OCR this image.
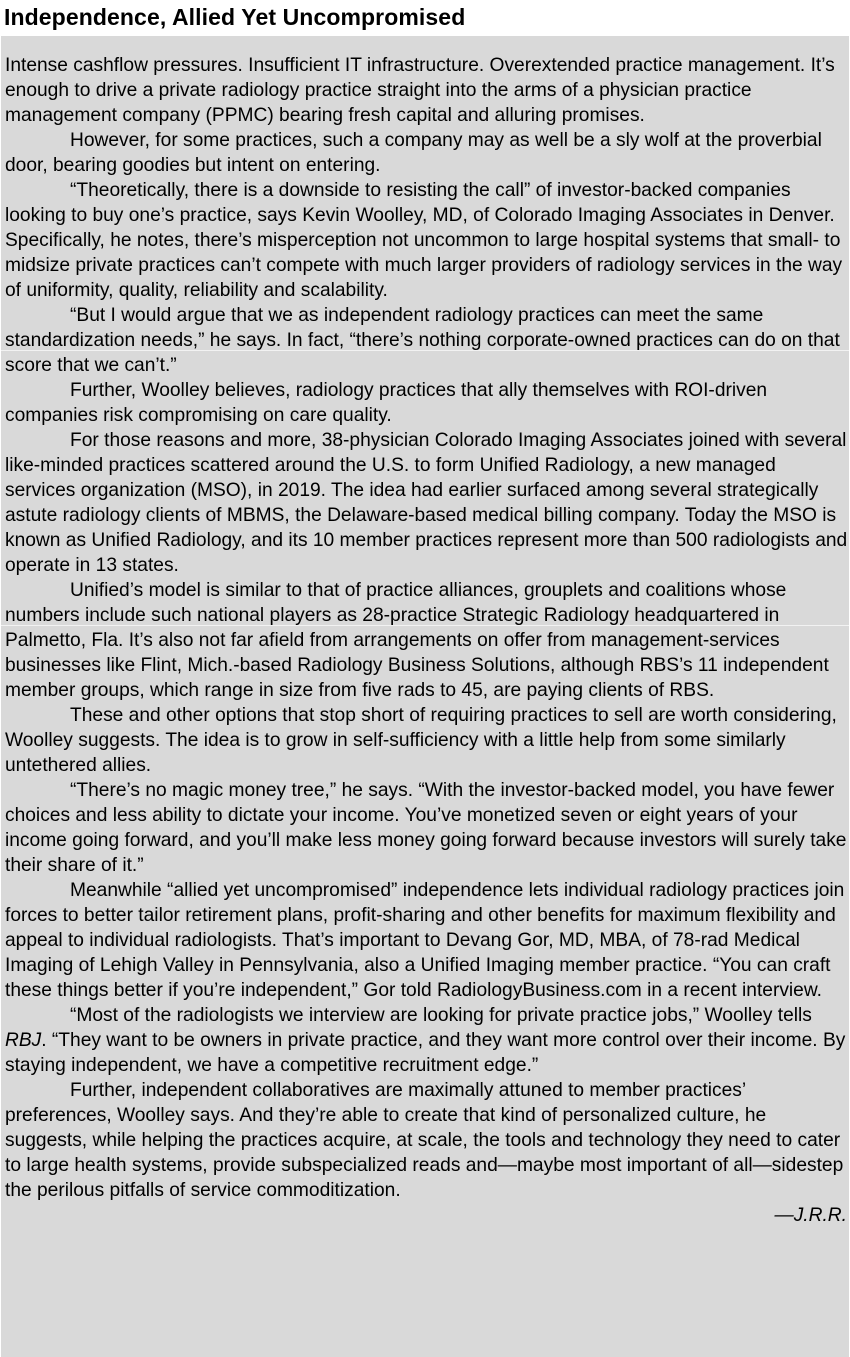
Independence, Allied Yet Uncompromised

Intense cashflow pressures. Insufficient IT infrastructure. Overextended practice management. It’s enough to drive a private radiology practice straight into the arms of a physician practice management company (PPMC) bearing fresh capital and alluring promises.

However, for some practices, such a company may as well be a sly wolf at the proverbial door, bearing goodies but intent on entering.

“Theoretically, there is a downside to resisting the call” of investor-backed companies looking to buy one’s practice, says Kevin Woolley, MD, of Colorado Imaging Associates in Denver. Specifically, he notes, there’s misperception not uncommon to large hospital systems that small- to midsize private practices can’t compete with much larger providers of radiology services in the way of uniformity, quality, reliability and scalability.

“But I would argue that we as independent radiology practices can meet the same standardization needs,” he says. In fact, “there’s nothing corporate-owned practices can do on that score that we can’t.”

Further, Woolley believes, radiology practices that ally themselves with ROI-driven companies risk compromising on care quality.

For those reasons and more, 38-physician Colorado Imaging Associates joined with several like-minded practices scattered around the U.S. to form Unified Radiology, a new managed services organization (MSO), in 2019. The idea had earlier surfaced among several strategically astute radiology clients of MBMS, the Delaware-based medical billing company. Today the MSO is known as Unified Radiology, and its 10 member practices represent more than 500 radiologists and operate in 13 states.

Unified’s model is similar to that of practice alliances, grouplets and coalitions whose numbers include such national players as 28-practice Strategic Radiology headquartered in Palmetto, Fla. It’s also not far afield from arrangements on offer from management-services businesses like Flint, Mich.-based Radiology Business Solutions, although RBS’s 11 independent member groups, which range in size from five rads to 45, are paying clients of RBS.

These and other options that stop short of requiring practices to sell are worth considering, Woolley suggests. The idea is to grow in self-sufficiency with a little help from some similarly untethered allies.

“There’s no magic money tree,” he says. “With the investor-backed model, you have fewer choices and less ability to dictate your income. You’ve monetized seven or eight years of your income going forward, and you’ll make less money going forward because investors will surely take their share of it.”

Meanwhile “allied yet uncompromised” independence lets individual radiology practices join forces to better tailor retirement plans, profit-sharing and other benefits for maximum flexibility and appeal to individual radiologists. That’s important to Devang Gor, MD, MBA, of 78-rad Medical Imaging of Lehigh Valley in Pennsylvania, also a Unified Imaging member practice. “You can craft these things better if you’re independent,” Gor told RadiologyBusiness.com in a recent interview.

“Most of the radiologists we interview are looking for private practice jobs,” Woolley tells RBJ. “They want to be owners in private practice, and they want more control over their income. By staying independent, we have a competitive recruitment edge.”

Further, independent collaboratives are maximally attuned to member practices’ preferences, Woolley says. And they’re able to create that kind of personalized culture, he suggests, while helping the practices acquire, at scale, the tools and technology they need to cater to large health systems, provide subspecialized reads and—maybe most important of all—sidestep the perilous pitfalls of service commoditization.

—J.R.R.
